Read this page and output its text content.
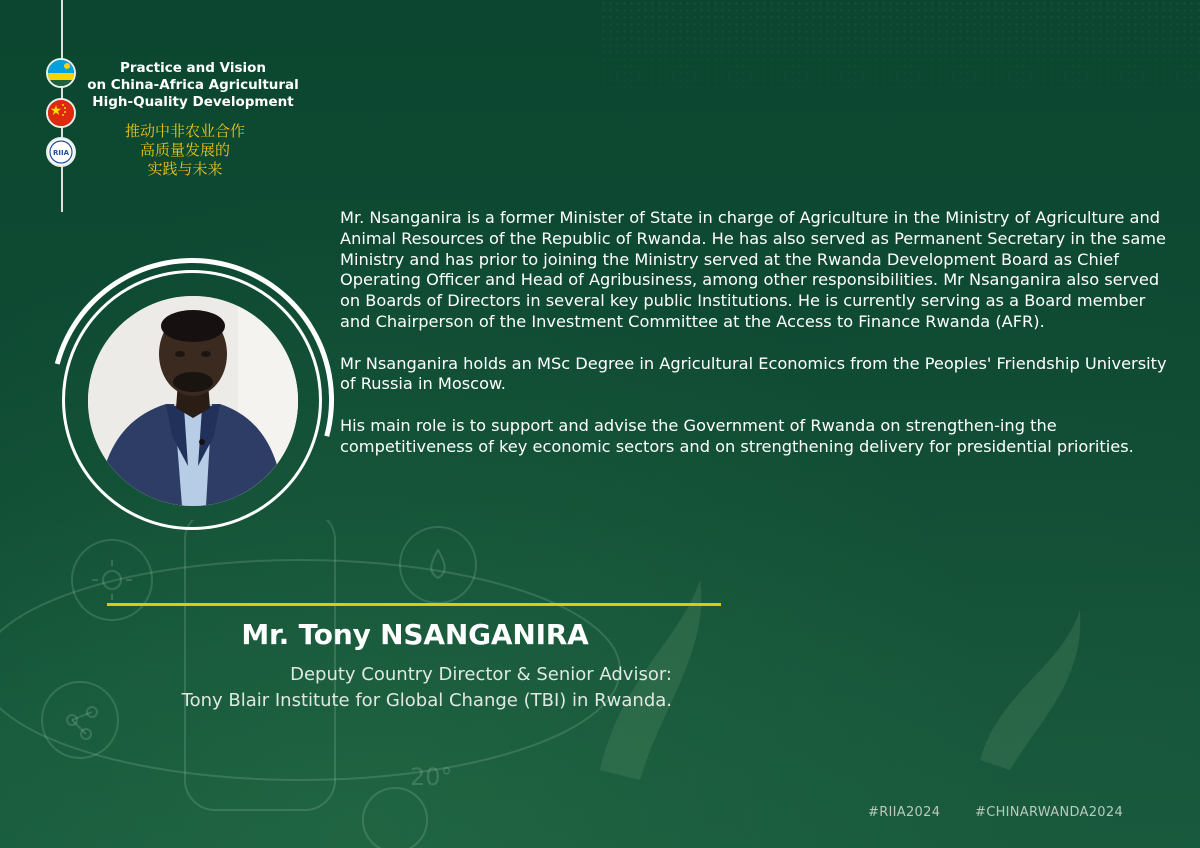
20°
RIIA
Practice and Vision
on China-Africa Agricultural
High-Quality Development
推动中非农业合作
高质量发展的
实践与未来

Mr. Nsanganira is a former Minister of State in charge of Agriculture in the Ministry of Agriculture and Animal Resources of the Republic of Rwanda. He has also served as Permanent Secretary in the same Ministry and has prior to joining the Ministry served at the Rwanda Development Board as Chief Operating Officer and Head of Agribusiness, among other responsibilities. Mr Nsanganira also served on Boards of Directors in several key public Institutions. He is currently serving as a Board member and Chairperson of the Investment Committee at the Access to Finance Rwanda (AFR).

Mr Nsanganira holds an MSc Degree in Agricultural Economics from the Peoples' Friendship University of Russia in Moscow.

His main role is to support and advise the Government of Rwanda on strengthen-ing the competitiveness of key economic sectors and on strengthening delivery for presidential priorities.

Mr. Tony NSANGANIRA
Deputy Country Director & Senior Advisor:
Tony Blair Institute for Global Change (TBI) in Rwanda.
#RIIA2024	#CHINARWANDA2024
